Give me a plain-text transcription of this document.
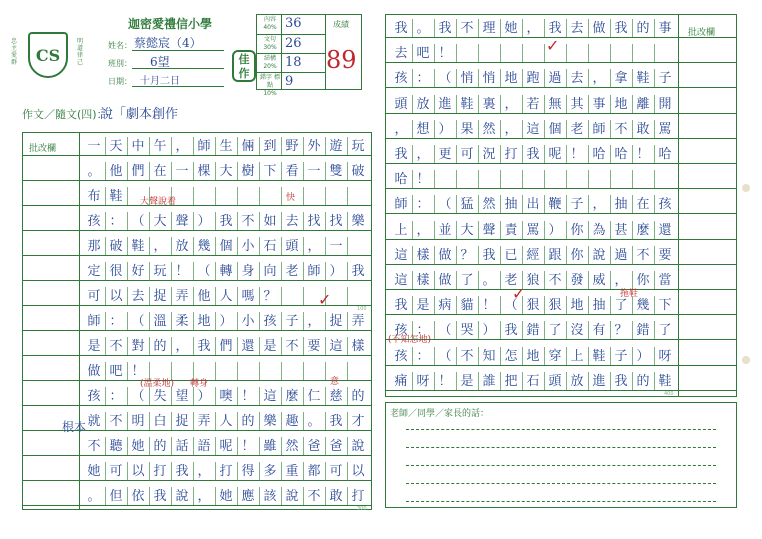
CS
忠
主
愛
群
明
道
律
己
迦密愛禮信小學
姓名： 蔡懿宸（4）
班別： 6望
日期： 十月二日
佳作
內容
40% 36
文句
30% 26
結構
20% 18
錯字 標點
10%
9
成績
89
作文／隨文(四)：
說「劇本創作
批改欄	一 天 中 午 ， 師 生 倆 到 野 外 遊 玩
。 他 們 在 一 棵 大 樹 下 看 一 雙 破
布 鞋
孩 ： （ 大 聲 ） 我 不 如 去 找 找 樂
那 破 鞋 ， 放 幾 個 小 石 頭 ， 一
定 很 好 玩 ！ （ 轉 身 向 老 師 ） 我
可 以 去 捉 弄 他 人 嗎 ？
100
師 ： （ 溫 柔 地 ） 小 孩 子 ， 捉 弄
是 不 對 的 ， 我 們 還 是 不 要 這 樣
做 吧 ！
孩 ： （ 失 望 ） 噢 ！ 這 麼 仁 慈 的
就 不 明 白 捉 弄 人 的 樂 趣 。 我 才
不 聽 她 的 話 語 呢 ！ 雖 然 爸 爸 說
她 可 以 打 我 ， 打 得 多 重 都 可 以
。 但 依 我 說 ， 她 應 該 說 不 敢 打
300
批改欄
我 。 我 不 理 她 ， 我 去 做 我 的 事
去 吧 ！
孩 ： （ 悄 悄 地 跑 過 去 ， 拿 鞋 子
頭 放 進 鞋 裏 ， 若 無 其 事 地 離 開
， 想 ） 果 然 ， 這 個 老 師 不 敢 罵
我 ， 更 可 況 打 我 呢 ！ 哈 哈 ！ 哈
哈 ！
師 ： （ 猛 然 抽 出 鞭 子 ， 抽 在 孩
上 ， 並 大 聲 責 罵 ） 你 為 甚 麼 還
這 樣 做 ？ 我 已 經 跟 你 說 過 不 要
這 樣 做 了 。 老 狼 不 發 威 ， 你 當
我 是 病 貓 ！ （ 狠 狠 地 抽 了 幾 下
孩 ： （ 哭 ） 我 錯 了 沒 有 ？ 錯 了
孩 ： （ 不 知 怎 地 穿 上 鞋 子 ） 呀
痛 呀 ！ 是 誰 把 石 頭 放 進 我 的 鞋
400
大聲說着	快
(溫柔地) 轉身	意
拖鞋
(不知怎地)
根本
✓
✓	✓
老師／同學／家長的話：
